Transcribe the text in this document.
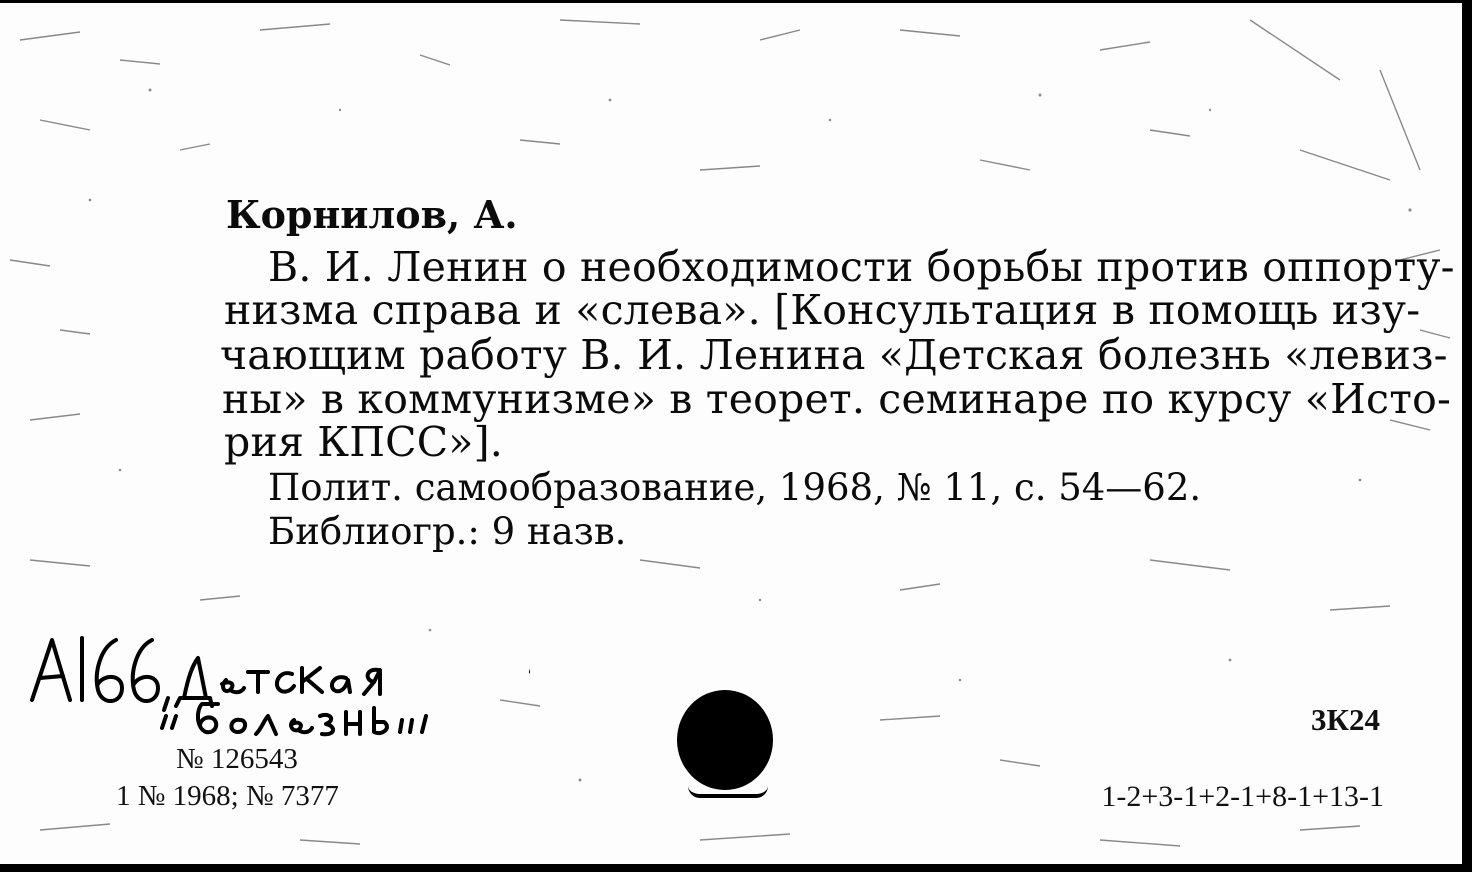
Корнилов, А.
В. И. Ленин о необходимости борьбы против оппорту-
низма справа и «слева». [Консультация в помощь изу-
чающим работу В. И. Ленина «Детская болезнь «левиз-
ны» в коммунизме» в теорет. семинаре по курсу «Исто-
рия КПСС»].
Полит. самообразование, 1968, № 11, с. 54—62.
Библиогр.: 9 назв.
№ 126543
1 № 1968; № 7377
3К24
1-2+3-1+2-1+8-1+13-1
